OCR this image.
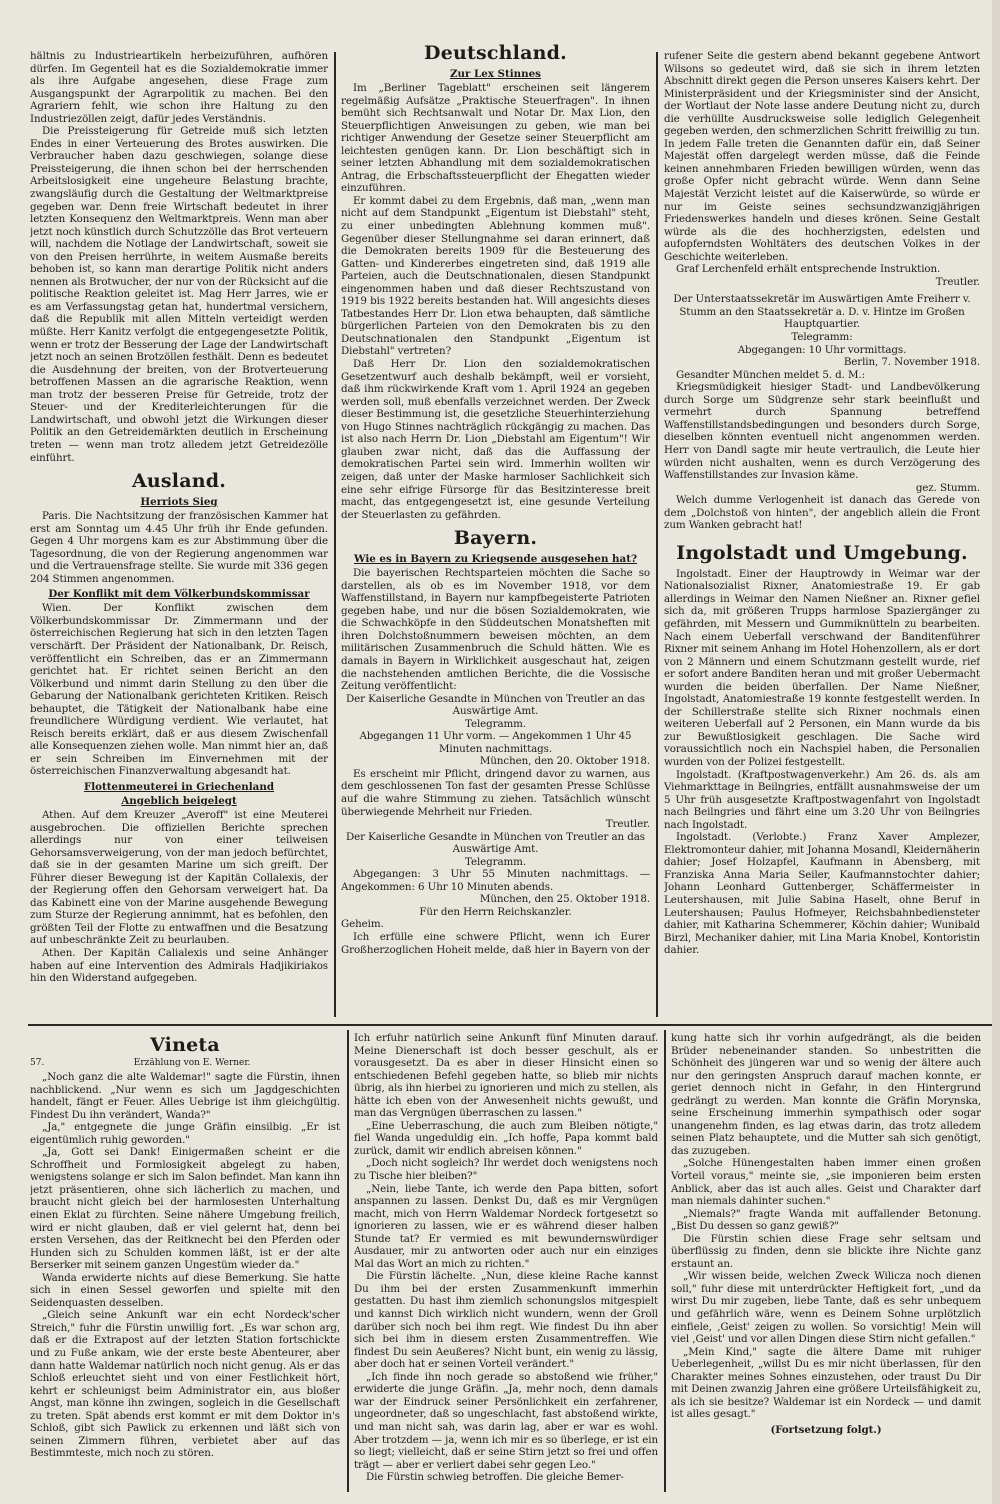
hältnis zu Industrieartikeln herbeizuführen, aufhören dürfen. Im Gegenteil hat es die Sozialdemokratie immer als ihre Aufgabe angesehen, diese Frage zum Ausgangspunkt der Agrarpolitik zu machen. Bei den Agrariern fehlt, wie schon ihre Haltung zu den Industriezöllen zeigt, dafür jedes Verständnis.

Die Preissteigerung für Getreide muß sich letzten Endes in einer Verteuerung des Brotes auswirken. Die Verbraucher haben dazu geschwiegen, solange diese Preissteigerung, die ihnen schon bei der herrschenden Arbeitslosigkeit eine ungeheure Belastung brachte, zwangsläufig durch die Gestaltung der Weltmarktpreise gegeben war. Denn freie Wirtschaft bedeutet in ihrer letzten Konsequenz den Weltmarktpreis. Wenn man aber jetzt noch künstlich durch Schutzzölle das Brot verteuern will, nachdem die Notlage der Landwirtschaft, soweit sie von den Preisen herrührte, in weitem Ausmaße bereits behoben ist, so kann man derartige Politik nicht anders nennen als Brotwucher, der nur von der Rücksicht auf die politische Reaktion geleitet ist. Mag Herr Jarres, wie er es am Verfassungstag getan hat, hundertmal versichern, daß die Republik mit allen Mitteln verteidigt werden müßte. Herr Kanitz verfolgt die entgegengesetzte Politik, wenn er trotz der Besserung der Lage der Landwirtschaft jetzt noch an seinen Brotzöllen festhält. Denn es bedeutet die Ausdehnung der breiten, von der Brotverteuerung betroffenen Massen an die agrarische Reaktion, wenn man trotz der besseren Preise für Getreide, trotz der Steuer- und der Krediterleichterungen für die Landwirtschaft, und obwohl jetzt die Wirkungen dieser Politik an den Getreidemärkten deutlich in Erscheinung treten — wenn man trotz alledem jetzt Getreidezölle einführt.

Ausland.
Herriots Sieg

Paris. Die Nachtsitzung der französischen Kammer hat erst am Sonntag um 4.45 Uhr früh ihr Ende gefunden. Gegen 4 Uhr morgens kam es zur Abstimmung über die Tagesordnung, die von der Regierung angenommen war und die Vertrauensfrage stellte. Sie wurde mit 336 gegen 204 Stimmen angenommen.

Der Konflikt mit dem Völkerbundskommissar

Wien. Der Konflikt zwischen dem Völkerbundskommissar Dr. Zimmermann und der österreichischen Regierung hat sich in den letzten Tagen verschärft. Der Präsident der Nationalbank, Dr. Reisch, veröffentlicht ein Schreiben, das er an Zimmermann gerichtet hat. Er richtet seinen Bericht an den Völkerbund und nimmt darin Stellung zu den über die Gebarung der Nationalbank gerichteten Kritiken. Reisch behauptet, die Tätigkeit der Nationalbank habe eine freundlichere Würdigung verdient. Wie verlautet, hat Reisch bereits erklärt, daß er aus diesem Zwischenfall alle Konsequenzen ziehen wolle. Man nimmt hier an, daß er sein Schreiben im Einvernehmen mit der österreichischen Finanzverwaltung abgesandt hat.

Flottenmeuterei in Griechenland
Angeblich beigelegt

Athen. Auf dem Kreuzer „Averoff" ist eine Meuterei ausgebrochen. Die offiziellen Berichte sprechen allerdings nur von einer teilweisen Gehorsamsverweigerung, von der man jedoch befürchtet, daß sie in der gesamten Marine um sich greift. Der Führer dieser Bewegung ist der Kapitän Collalexis, der der Regierung offen den Gehorsam verweigert hat. Da das Kabinett eine von der Marine ausgehende Bewegung zum Sturze der Regierung annimmt, hat es befohlen, den größten Teil der Flotte zu entwaffnen und die Besatzung auf unbeschränkte Zeit zu beurlauben.

Athen. Der Kapitän Calialexis und seine Anhänger haben auf eine Intervention des Admirals Hadjikiriakos hin den Widerstand aufgegeben.

Deutschland.
Zur Lex Stinnes

Im „Berliner Tageblatt" erscheinen seit längerem regelmäßig Aufsätze „Praktische Steuerfragen". In ihnen bemüht sich Rechtsanwalt und Notar Dr. Max Lion, den Steuerpflichtigen Anweisungen zu geben, wie man bei richtiger Anwendung der Gesetze seiner Steuerpflicht am leichtesten genügen kann. Dr. Lion beschäftigt sich in seiner letzten Abhandlung mit dem sozialdemokratischen Antrag, die Erbschaftssteuerpflicht der Ehegatten wieder einzuführen.

Er kommt dabei zu dem Ergebnis, daß man, „wenn man nicht auf dem Standpunkt „Eigentum ist Diebstahl" steht, zu einer unbedingten Ablehnung kommen muß". Gegenüber dieser Stellungnahme sei daran erinnert, daß die Demokraten bereits 1909 für die Besteuerung des Gatten- und Kindererbes eingetreten sind, daß 1919 alle Parteien, auch die Deutschnationalen, diesen Standpunkt eingenommen haben und daß dieser Rechtszustand von 1919 bis 1922 bereits bestanden hat. Will angesichts dieses Tatbestandes Herr Dr. Lion etwa behaupten, daß sämtliche bürgerlichen Parteien von den Demokraten bis zu den Deutschnationalen den Standpunkt „Eigentum ist Diebstahl" vertreten?

Daß Herr Dr. Lion den sozialdemokratischen Gesetzentwurf auch deshalb bekämpft, weil er vorsieht, daß ihm rückwirkende Kraft vom 1. April 1924 an gegeben werden soll, muß ebenfalls verzeichnet werden. Der Zweck dieser Bestimmung ist, die gesetzliche Steuerhinterziehung von Hugo Stinnes nachträglich rückgängig zu machen. Das ist also nach Herrn Dr. Lion „Diebstahl am Eigentum"! Wir glauben zwar nicht, daß das die Auffassung der demokratischen Partei sein wird. Immerhin wollten wir zeigen, daß unter der Maske harmloser Sachlichkeit sich eine sehr eifrige Fürsorge für das Besitzinteresse breit macht, das entgegengesetzt ist, eine gesunde Verteilung der Steuerlasten zu gefährden.

Bayern.
Wie es in Bayern zu Kriegsende ausgesehen hat?

Die bayerischen Rechtsparteien möchten die Sache so darstellen, als ob es im November 1918, vor dem Waffenstillstand, in Bayern nur kampfbegeisterte Patrioten gegeben habe, und nur die bösen Sozialdemokraten, wie die Schwachköpfe in den Süddeutschen Monatsheften mit ihren Dolchstoßnummern beweisen möchten, an dem militärischen Zusammenbruch die Schuld hätten. Wie es damals in Bayern in Wirklichkeit ausgeschaut hat, zeigen die nachstehenden amtlichen Berichte, die die Vossische Zeitung veröffentlicht:

Der Kaiserliche Gesandte in München von Treutler an das Auswärtige Amt.

Telegramm.

Abgegangen 11 Uhr vorm. — Angekommen 1 Uhr 45 Minuten nachmittags.

München, den 20. Oktober 1918.

Es erscheint mir Pflicht, dringend davor zu warnen, aus dem geschlossenen Ton fast der gesamten Presse Schlüsse auf die wahre Stimmung zu ziehen. Tatsächlich wünscht überwiegende Mehrheit nur Frieden.

Treutler.

Der Kaiserliche Gesandte in München von Treutler an das Auswärtige Amt.

Telegramm.

Abgegangen: 3 Uhr 55 Minuten nachmittags. — Angekommen: 6 Uhr 10 Minuten abends.

München, den 25. Oktober 1918.

Für den Herrn Reichskanzler.

Geheim.

Ich erfülle eine schwere Pflicht, wenn ich Eurer Großherzoglichen Hoheit melde, daß hier in Bayern von der

rufener Seite die gestern abend bekannt gegebene Antwort Wilsons so gedeutet wird, daß sie sich in ihrem letzten Abschnitt direkt gegen die Person unseres Kaisers kehrt. Der Ministerpräsident und der Kriegsminister sind der Ansicht, der Wortlaut der Note lasse andere Deutung nicht zu, durch die verhüllte Ausdrucksweise solle lediglich Gelegenheit gegeben werden, den schmerzlichen Schritt freiwillig zu tun. In jedem Falle treten die Genannten dafür ein, daß Seiner Majestät offen dargelegt werden müsse, daß die Feinde keinen annehmbaren Frieden bewilligen würden, wenn das große Opfer nicht gebracht würde. Wenn dann Seine Majestät Verzicht leistet auf die Kaiserwürde, so würde er nur im Geiste seines sechsundzwanzigjährigen Friedenswerkes handeln und dieses krönen. Seine Gestalt würde als die des hochherzigsten, edelsten und aufopferndsten Wohltäters des deutschen Volkes in der Geschichte weiterleben.

Graf Lerchenfeld erhält entsprechende Instruktion.

Treutler.

Der Unterstaatssekretär im Auswärtigen Amte Freiherr v. Stumm an den Staatssekretär a. D. v. Hintze im Großen Hauptquartier.

Telegramm:

Abgegangen: 10 Uhr vormittags.

Berlin, 7. November 1918.

Gesandter München meldet 5. d. M.:

Kriegsmüdigkeit hiesiger Stadt- und Landbevölkerung durch Sorge um Südgrenze sehr stark beeinflußt und vermehrt durch Spannung betreffend Waffenstillstandsbedingungen und besonders durch Sorge, dieselben könnten eventuell nicht angenommen werden. Herr von Dandl sagte mir heute vertraulich, die Leute hier würden nicht aushalten, wenn es durch Verzögerung des Waffenstillstandes zur Invasion käme.

gez. Stumm.

Welch dumme Verlogenheit ist danach das Gerede von dem „Dolchstoß von hinten", der angeblich allein die Front zum Wanken gebracht hat!

Ingolstadt und Umgebung.

Ingolstadt. Einer der Hauptrowdy in Weimar war der Nationalsozialist Rixner, Anatomiestraße 19. Er gab allerdings in Weimar den Namen Nießner an. Rixner gefiel sich da, mit größeren Trupps harmlose Spaziergänger zu gefährden, mit Messern und Gummiknütteln zu bearbeiten. Nach einem Ueberfall verschwand der Banditenführer Rixner mit seinem Anhang im Hotel Hohenzollern, als er dort von 2 Männern und einem Schutzmann gestellt wurde, rief er sofort andere Banditen heran und mit großer Uebermacht wurden die beiden überfallen. Der Name Nießner, Ingolstadt, Anatomiestraße 19 konnte festgestellt werden. In der Schillerstraße stellte sich Rixner nochmals einen weiteren Ueberfall auf 2 Personen, ein Mann wurde da bis zur Bewußtlosigkeit geschlagen. Die Sache wird voraussichtlich noch ein Nachspiel haben, die Personalien wurden von der Polizei festgestellt.

Ingolstadt. (Kraftpostwagenverkehr.) Am 26. ds. als am Viehmarkttage in Beilngries, entfällt ausnahmsweise der um 5 Uhr früh ausgesetzte Kraftpostwagenfahrt von Ingolstadt nach Beilngries und fährt eine um 3.20 Uhr von Beilngries nach Ingolstadt.

Ingolstadt. (Verlobte.) Franz Xaver Amplezer, Elektromonteur dahier, mit Johanna Mosandl, Kleidernäherin dahier; Josef Holzapfel, Kaufmann in Abensberg, mit Franziska Anna Maria Seiler, Kaufmannstochter dahier; Johann Leonhard Guttenberger, Schäffermeister in Leutershausen, mit Julie Sabina Haselt, ohne Beruf in Leutershausen; Paulus Hofmeyer, Reichsbahnbediensteter dahier, mit Katharina Schemmerer, Köchin dahier; Wunibald Birzl, Mechaniker dahier, mit Lina Maria Knobel, Kontoristin dahier.

Vineta
57.	Erzählung von E. Werner.

„Noch ganz die alte Waldemar!" sagte die Fürstin, ihnen nachblickend. „Nur wenn es sich um Jagdgeschichten handelt, fängt er Feuer. Alles Uebrige ist ihm gleichgültig. Findest Du ihn verändert, Wanda?"

„Ja," entgegnete die junge Gräfin einsilbig. „Er ist eigentümlich ruhig geworden."

„Ja, Gott sei Dank! Einigermaßen scheint er die Schroffheit und Formlosigkeit abgelegt zu haben, wenigstens solange er sich im Salon befindet. Man kann ihn jetzt präsentieren, ohne sich lächerlich zu machen, und braucht nicht gleich bei der harmlosesten Unterhaltung einen Eklat zu fürchten. Seine nähere Umgebung freilich, wird er nicht glauben, daß er viel gelernt hat, denn bei ersten Versehen, das der Reitknecht bei den Pferden oder Hunden sich zu Schulden kommen läßt, ist er der alte Berserker mit seinem ganzen Ungestüm wieder da."

Wanda erwiderte nichts auf diese Bemerkung. Sie hatte sich in einen Sessel geworfen und spielte mit den Seidenquasten desselben.

„Gleich seine Ankunft war ein echt Nordeck'scher Streich," fuhr die Fürstin unwillig fort. „Es war schon arg, daß er die Extrapost auf der letzten Station fortschickte und zu Fuße ankam, wie der erste beste Abenteurer, aber dann hatte Waldemar natürlich noch nicht genug. Als er das Schloß erleuchtet sieht und von einer Festlichkeit hört, kehrt er schleunigst beim Administrator ein, aus bloßer Angst, man könne ihn zwingen, sogleich in die Gesellschaft zu treten. Spät abends erst kommt er mit dem Doktor in's Schloß, gibt sich Pawlick zu erkennen und läßt sich von seinen Zimmern führen, verbietet aber auf das Bestimmteste, mich noch zu stören.

Ich erfuhr natürlich seine Ankunft fünf Minuten darauf. Meine Dienerschaft ist doch besser geschult, als er vorausgesetzt. Da es aber in dieser Hinsicht einen so entschiedenen Befehl gegeben hatte, so blieb mir nichts übrig, als ihn hierbei zu ignorieren und mich zu stellen, als hätte ich eben von der Anwesenheit nichts gewußt, und man das Vergnügen überraschen zu lassen."

„Eine Ueberraschung, die auch zum Bleiben nötigte," fiel Wanda ungeduldig ein. „Ich hoffe, Papa kommt bald zurück, damit wir endlich abreisen können."

„Doch nicht sogleich? Ihr werdet doch wenigstens noch zu Tische hier bleiben?"

„Nein, liebe Tante, ich werde den Papa bitten, sofort anspannen zu lassen. Denkst Du, daß es mir Vergnügen macht, mich von Herrn Waldemar Nordeck fortgesetzt so ignorieren zu lassen, wie er es während dieser halben Stunde tat? Er vermied es mit bewundernswürdiger Ausdauer, mir zu antworten oder auch nur ein einziges Mal das Wort an mich zu richten."

Die Fürstin lächelte. „Nun, diese kleine Rache kannst Du ihm bei der ersten Zusammenkunft immerhin gestatten. Du hast ihm ziemlich schonungslos mitgespielt und kannst Dich wirklich nicht wundern, wenn der Groll darüber sich noch bei ihm regt. Wie findest Du ihn aber sich bei ihm in diesem ersten Zusammentreffen. Wie findest Du sein Aeußeres? Nicht bunt, ein wenig zu lässig, aber doch hat er seinen Vorteil verändert."

„Ich finde ihn noch gerade so abstoßend wie früher," erwiderte die junge Gräfin. „Ja, mehr noch, denn damals war der Eindruck seiner Persönlichkeit ein zerfahrener, ungeordneter, daß so ungeschlacht, fast abstoßend wirkte, und man nicht sah, was darin lag, aber er war es wohl. Aber trotzdem — ja, wenn ich mir es so überlege, er ist ein so liegt; vielleicht, daß er seine Stirn jetzt so frei und offen trägt — aber er verliert dabei sehr gegen Leo."

Die Fürstin schwieg betroffen. Die gleiche Bemer-

kung hatte sich ihr vorhin aufgedrängt, als die beiden Brüder nebeneinander standen. So unbestritten die Schönheit des jüngeren war und so wenig der ältere auch nur den geringsten Anspruch darauf machen konnte, er geriet dennoch nicht in Gefahr, in den Hintergrund gedrängt zu werden. Man konnte die Gräfin Morynska, seine Erscheinung immerhin sympathisch oder sogar unangenehm finden, es lag etwas darin, das trotz alledem seinen Platz behauptete, und die Mutter sah sich genötigt, das zuzugeben.

„Solche Hünengestalten haben immer einen großen Vorteil voraus," meinte sie, „sie imponieren beim ersten Anblick, aber das ist auch alles. Geist und Charakter darf man niemals dahinter suchen."

„Niemals?" fragte Wanda mit auffallender Betonung. „Bist Du dessen so ganz gewiß?"

Die Fürstin schien diese Frage sehr seltsam und überflüssig zu finden, denn sie blickte ihre Nichte ganz erstaunt an.

„Wir wissen beide, welchen Zweck Wilicza noch dienen soll," fuhr diese mit unterdrückter Heftigkeit fort, „und da wirst Du mir zugeben, liebe Tante, daß es sehr unbequem und gefährlich wäre, wenn es Deinem Sohne urplötzlich einfiele, ‚Geist' zeigen zu wollen. So vorsichtig! Mein will viel ‚Geist' und vor allen Dingen diese Stirn nicht gefallen."

„Mein Kind," sagte die ältere Dame mit ruhiger Ueberlegenheit, „willst Du es mir nicht überlassen, für den Charakter meines Sohnes einzustehen, oder traust Du Dir mit Deinen zwanzig Jahren eine größere Urteilsfähigkeit zu, als ich sie besitze? Waldemar ist ein Nordeck — und damit ist alles gesagt."

(Fortsetzung folgt.)
